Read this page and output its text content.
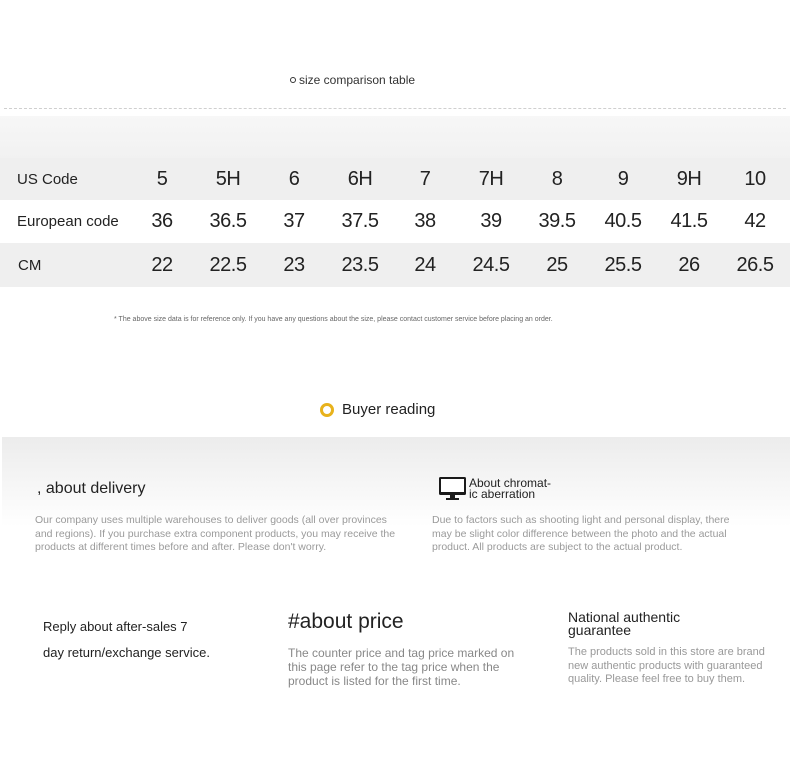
size comparison table
US Code	5	5H	6	6H	7	7H	8	9	9H	10
European code	36	36.5	37	37.5	38	39	39.5	40.5	41.5	42
CM	22	22.5	23	23.5	24	24.5	25	25.5	26	26.5
* The above size data is for reference only. If you have any questions about the size, please contact customer service before placing an order.
Buyer reading
, about delivery
Our company uses multiple warehouses to deliver goods (all over provinces and regions). If you purchase extra component products, you may receive the products at different times before and after. Please don't worry.
About chromat-
ic aberration
Due to factors such as shooting light and personal display, there may be slight color difference between the photo and the actual product. All products are subject to the actual product.
Reply about after-sales 7
day return/exchange service.
#about price
The counter price and tag price marked on this page refer to the tag price when the product is listed for the first time.
National authentic
guarantee
The products sold in this store are brand new authentic products with guaranteed quality. Please feel free to buy them.
